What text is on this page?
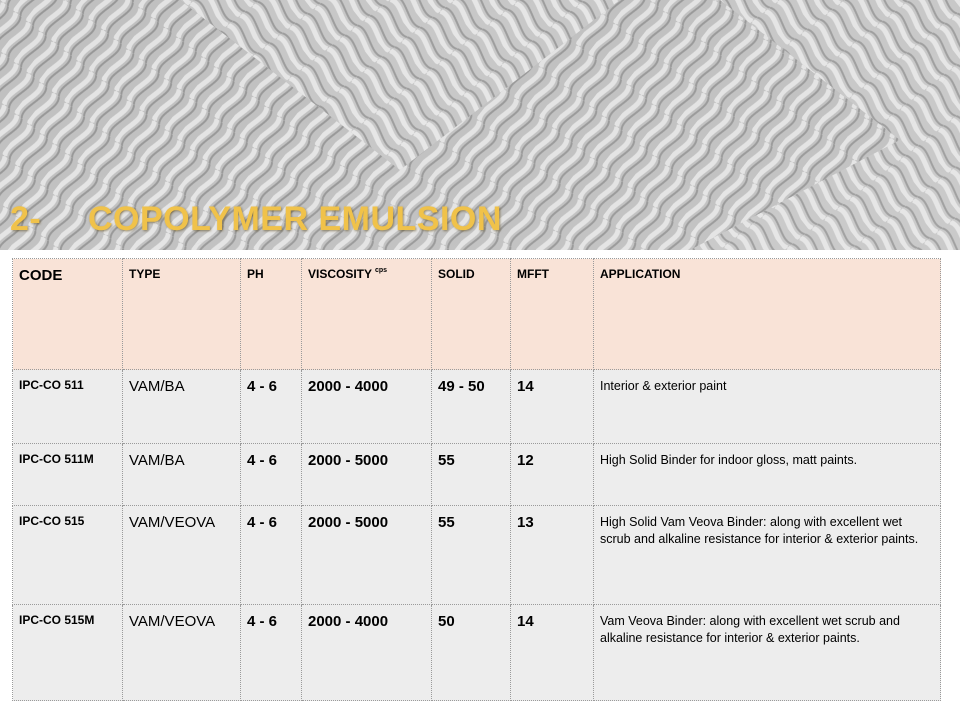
2- COPOLYMER EMULSION
CODE	TYPE	PH	VISCOSITY $^{cps}$	SOLID	MFFT	APPLICATION
IPC-CO 511	VAM/BA	4 - 6	2000 - 4000	49 - 50	14	Interior & exterior paint
IPC-CO 511M	VAM/BA	4 - 6	2000 - 5000	55	12	High Solid Binder for indoor gloss, matt paints.
IPC-CO 515	VAM/VEOVA	4 - 6	2000 - 5000	55	13	High Solid Vam Veova Binder: along with excellent wet scrub and alkaline resistance for interior & exterior paints.
IPC-CO 515M	VAM/VEOVA	4 - 6	2000 - 4000	50	14	Vam Veova Binder: along with excellent wet scrub and alkaline resistance for interior & exterior paints.
